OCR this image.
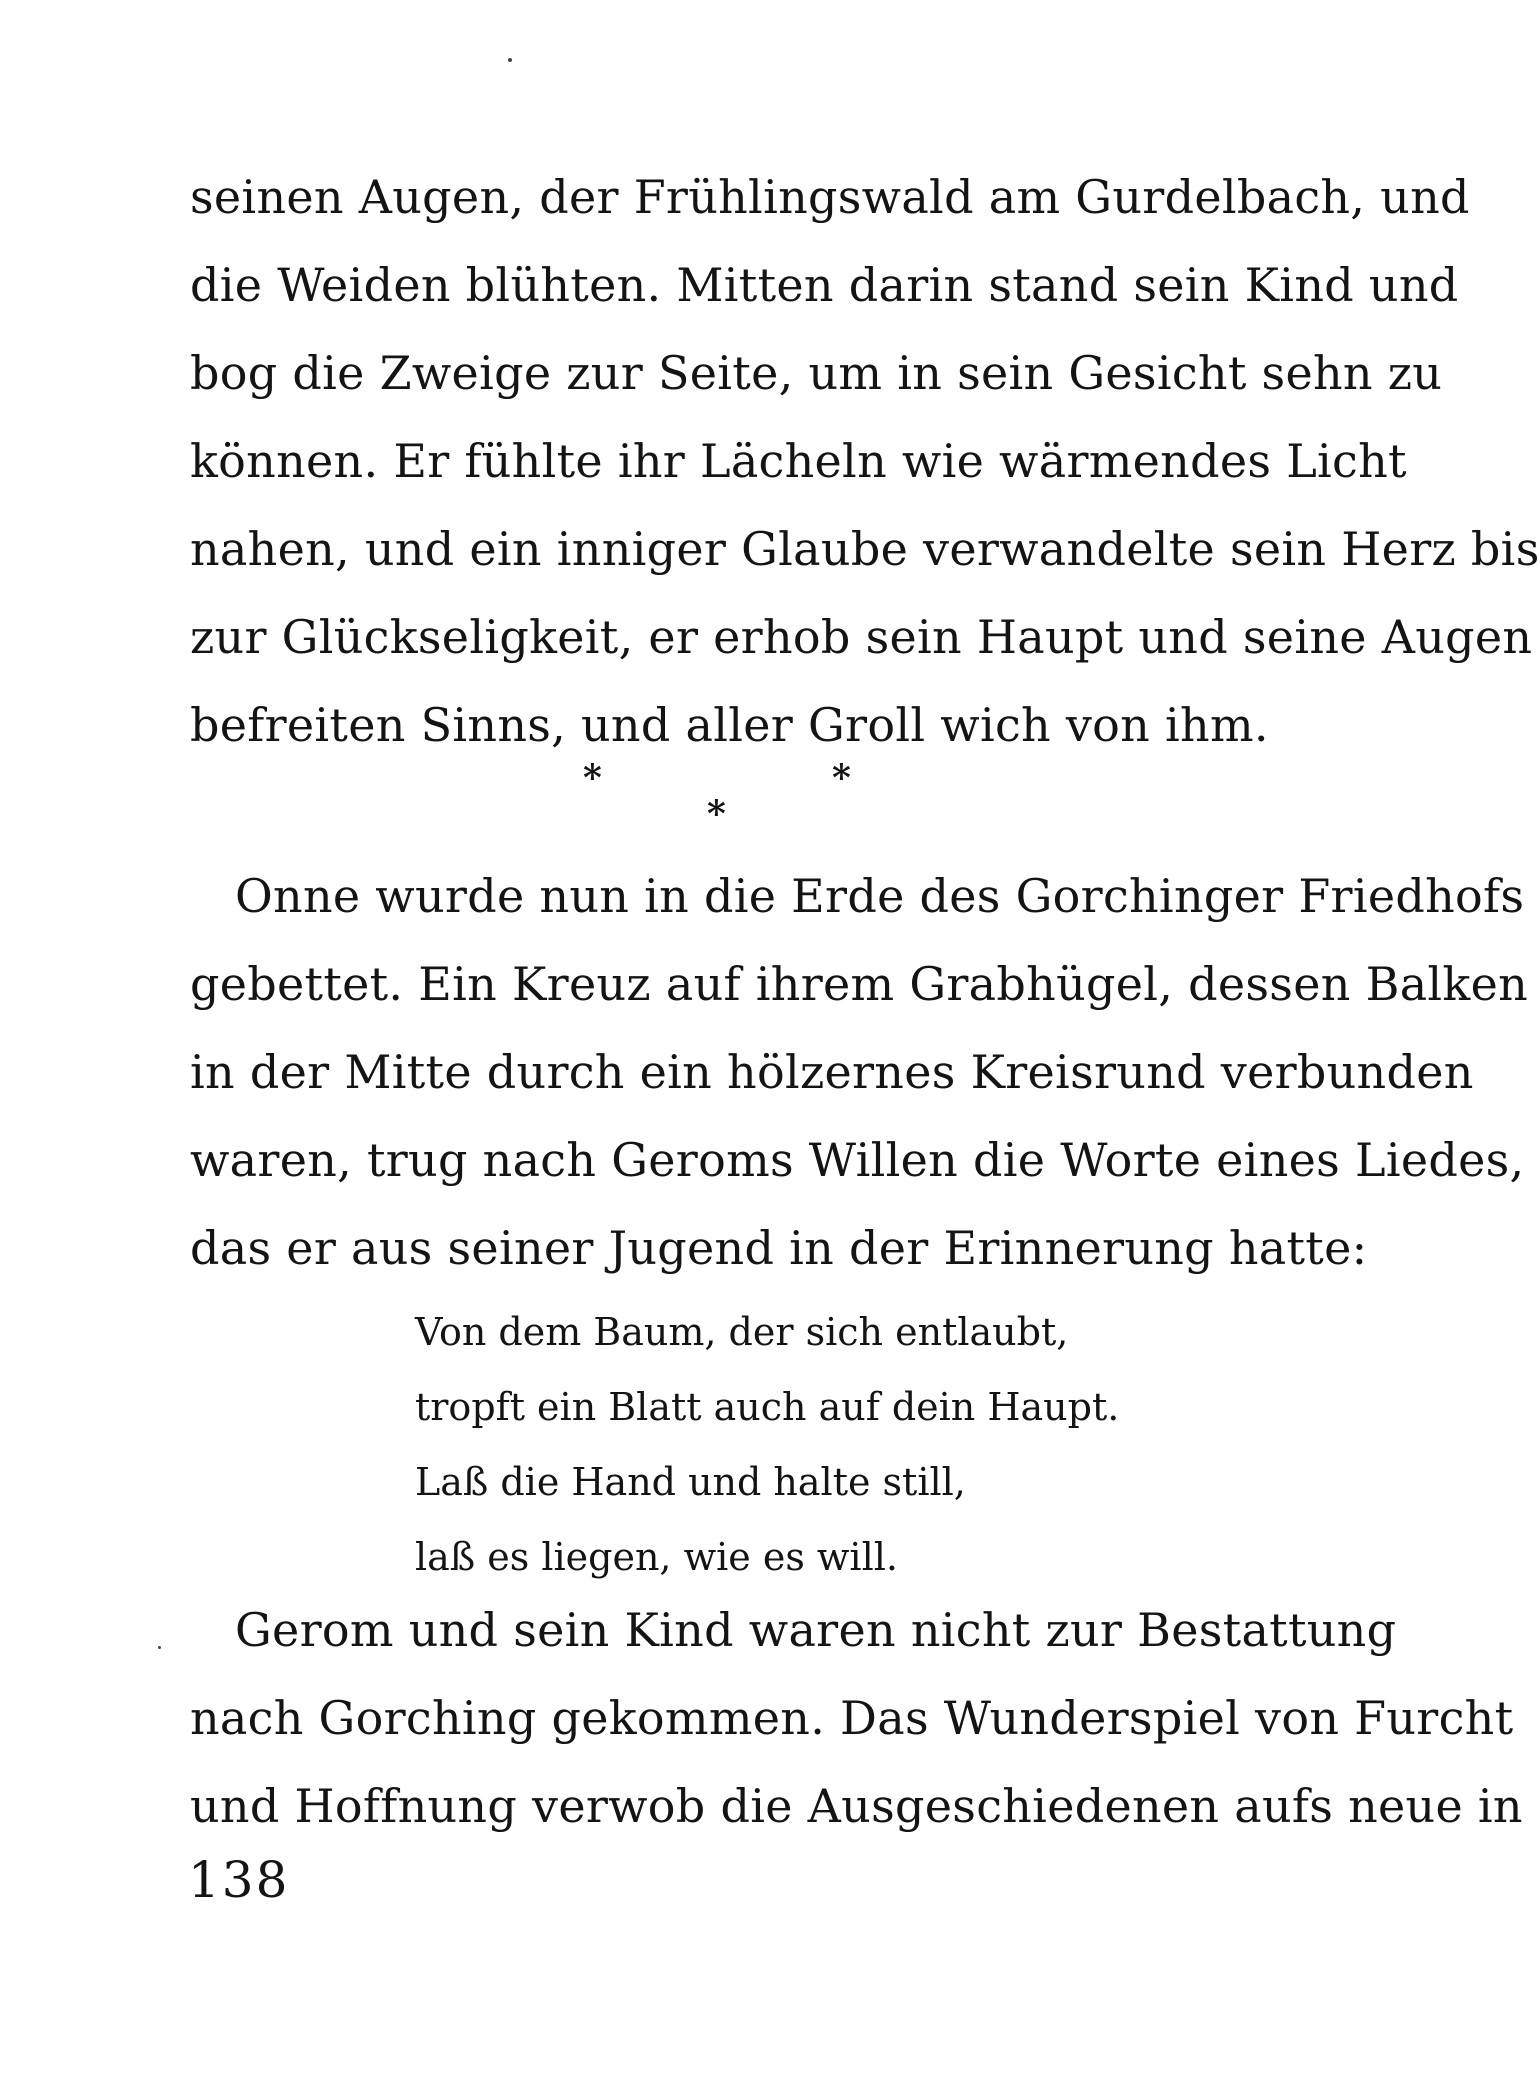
seinen Augen, der Frühlingswald am Gurdelbach, und
die Weiden blühten. Mitten darin stand sein Kind und
bog die Zweige zur Seite, um in sein Gesicht sehn zu
können. Er fühlte ihr Lächeln wie wärmendes Licht
nahen, und ein inniger Glaube verwandelte sein Herz bis
zur Glückseligkeit, er erhob sein Haupt und seine Augen
befreiten Sinns, und aller Groll wich von ihm.
*	*
*
Onne wurde nun in die Erde des Gorchinger Friedhofs
gebettet. Ein Kreuz auf ihrem Grabhügel, dessen Balken
in der Mitte durch ein hölzernes Kreisrund verbunden
waren, trug nach Geroms Willen die Worte eines Liedes,
das er aus seiner Jugend in der Erinnerung hatte:
Von dem Baum, der sich entlaubt,
tropft ein Blatt auch auf dein Haupt.
Laß die Hand und halte still,
laß es liegen, wie es will.
Gerom und sein Kind waren nicht zur Bestattung
nach Gorching gekommen. Das Wunderspiel von Furcht
und Hoffnung verwob die Ausgeschiedenen aufs neue in
138
